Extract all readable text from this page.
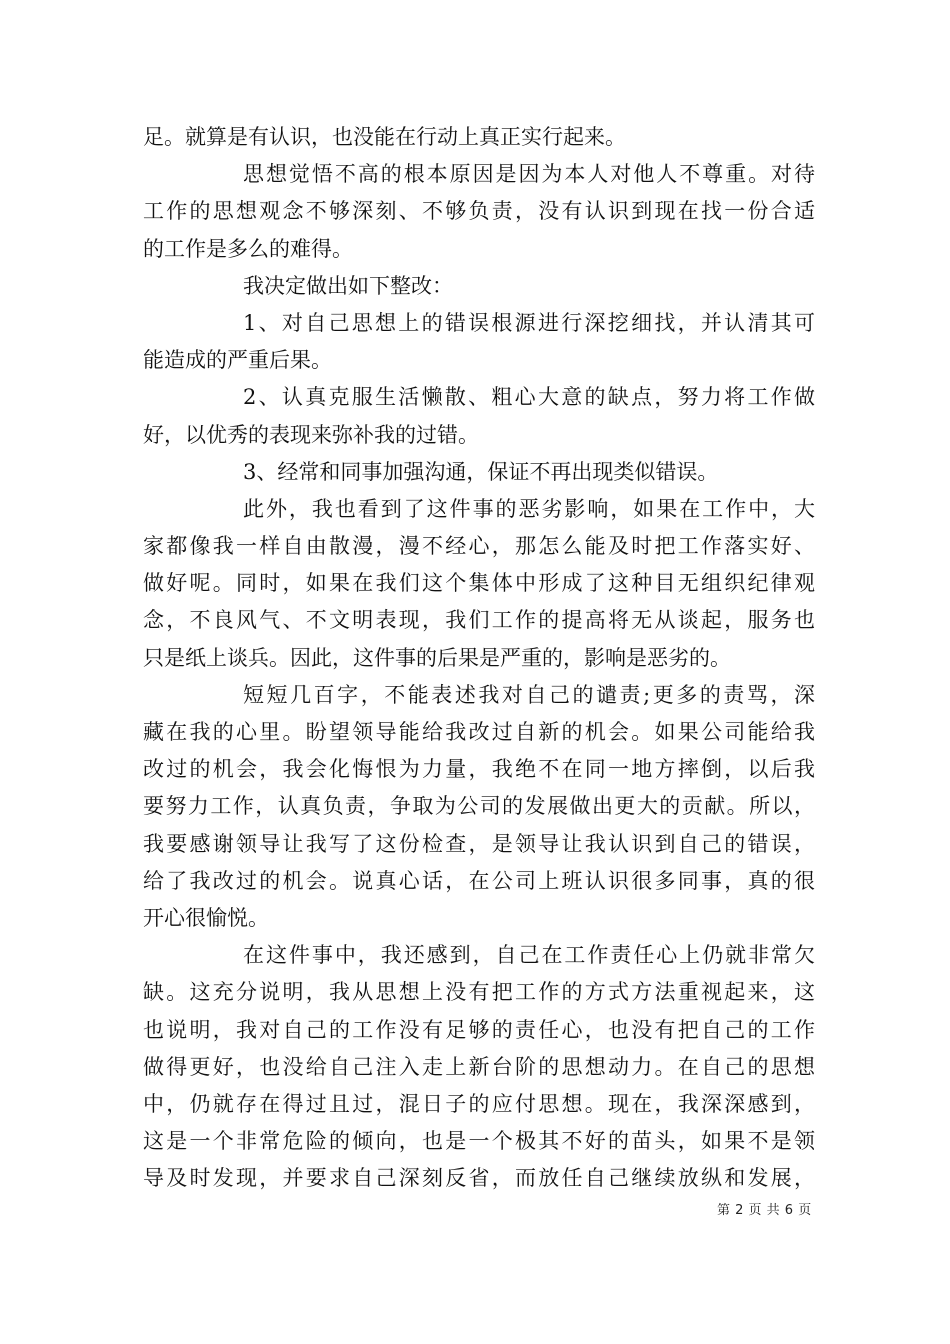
足。就算是有认识，也没能在行动上真正实行起来。
思想觉悟不高的根本原因是因为本人对他人不尊重。对待
工作的思想观念不够深刻、不够负责，没有认识到现在找一份合适
的工作是多么的难得。
我决定做出如下整改：
1、对自己思想上的错误根源进行深挖细找，并认清其可
能造成的严重后果。
2、认真克服生活懒散、粗心大意的缺点，努力将工作做
好，以优秀的表现来弥补我的过错。
3、经常和同事加强沟通，保证不再出现类似错误。
此外，我也看到了这件事的恶劣影响，如果在工作中，大
家都像我一样自由散漫，漫不经心，那怎么能及时把工作落实好、
做好呢。同时，如果在我们这个集体中形成了这种目无组织纪律观
念，不良风气、不文明表现，我们工作的提高将无从谈起，服务也
只是纸上谈兵。因此，这件事的后果是严重的，影响是恶劣的。
短短几百字，不能表述我对自己的谴责;更多的责骂，深
藏在我的心里。盼望领导能给我改过自新的机会。如果公司能给我
改过的机会，我会化悔恨为力量，我绝不在同一地方摔倒，以后我
要努力工作，认真负责，争取为公司的发展做出更大的贡献。所以，
我要感谢领导让我写了这份检查，是领导让我认识到自己的错误，
给了我改过的机会。说真心话，在公司上班认识很多同事，真的很
开心很愉悦。
在这件事中，我还感到，自己在工作责任心上仍就非常欠
缺。这充分说明，我从思想上没有把工作的方式方法重视起来，这
也说明，我对自己的工作没有足够的责任心，也没有把自己的工作
做得更好，也没给自己注入走上新台阶的思想动力。在自己的思想
中，仍就存在得过且过，混日子的应付思想。现在，我深深感到，
这是一个非常危险的倾向，也是一个极其不好的苗头，如果不是领
导及时发现，并要求自己深刻反省，而放任自己继续放纵和发展，
第 2 页 共 6 页
